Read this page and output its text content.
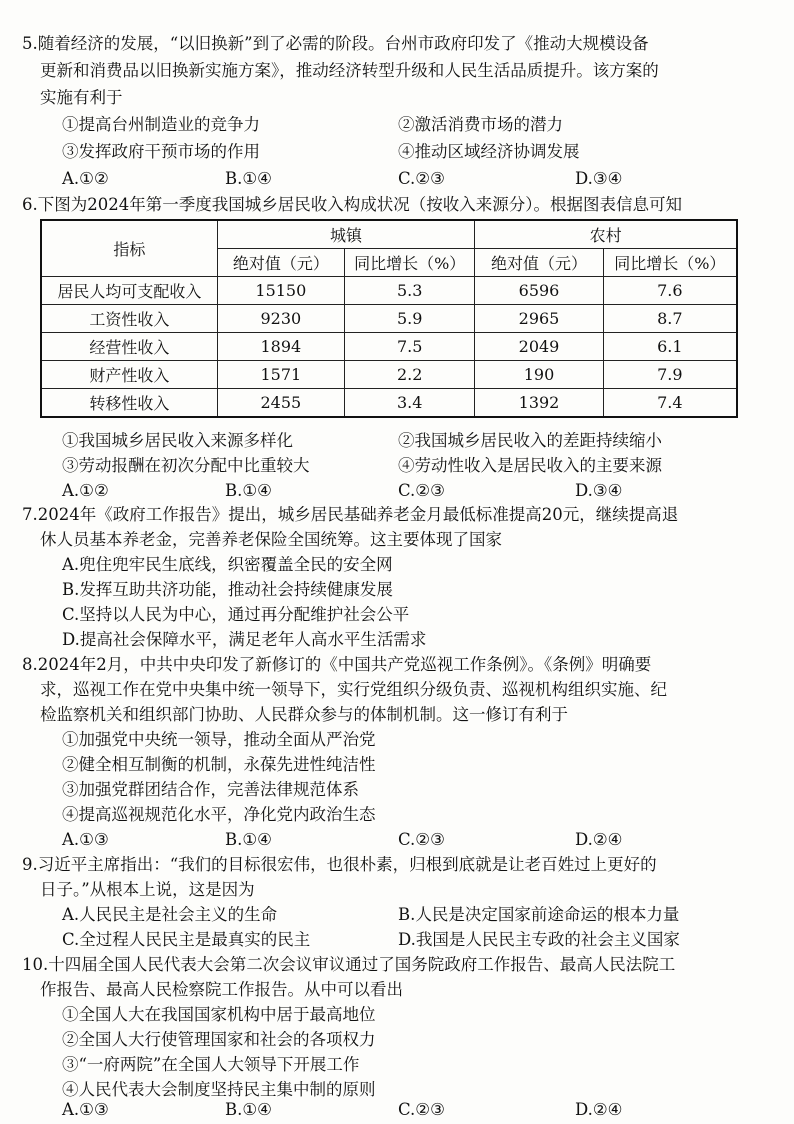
5.随着经济的发展，“以旧换新”到了必需的阶段。台州市政府印发了《推动大规模设备
更新和消费品以旧换新实施方案》，推动经济转型升级和人民生活品质提升。该方案的
实施有利于
①提高台州制造业的竞争力	②激活消费市场的潜力
③发挥政府干预市场的作用	④推动区域经济协调发展
A.①②	B.①④	C.②③	D.③④
6.下图为2024年第一季度我国城乡居民收入构成状况（按收入来源分）。根据图表信息可知
指标	城镇		农村	
	绝对值（元）	同比增长（%）	绝对值（元）	同比增长（%）
居民人均可支配收入	15150	5.3	6596	7.6
工资性收入	9230	5.9	2965	8.7
经营性收入	1894	7.5	2049	6.1
财产性收入	1571	2.2	190	7.9
转移性收入	2455	3.4	1392	7.4
①我国城乡居民收入来源多样化	②我国城乡居民收入的差距持续缩小
③劳动报酬在初次分配中比重较大	④劳动性收入是居民收入的主要来源
A.①②	B.①④	C.②③	D.③④
7.2024年《政府工作报告》提出，城乡居民基础养老金月最低标准提高20元，继续提高退
休人员基本养老金，完善养老保险全国统筹。这主要体现了国家
A.兜住兜牢民生底线，织密覆盖全民的安全网
B.发挥互助共济功能，推动社会持续健康发展
C.坚持以人民为中心，通过再分配维护社会公平
D.提高社会保障水平，满足老年人高水平生活需求
8.2024年2月，中共中央印发了新修订的《中国共产党巡视工作条例》。《条例》明确要
求，巡视工作在党中央集中统一领导下，实行党组织分级负责、巡视机构组织实施、纪
检监察机关和组织部门协助、人民群众参与的体制机制。这一修订有利于
①加强党中央统一领导，推动全面从严治党
②健全相互制衡的机制，永葆先进性纯洁性
③加强党群团结合作，完善法律规范体系
④提高巡视规范化水平，净化党内政治生态
A.①③	B.①④	C.②③	D.②④
9.习近平主席指出：“我们的目标很宏伟，也很朴素，归根到底就是让老百姓过上更好的
日子。”从根本上说，这是因为
A.人民民主是社会主义的生命	B.人民是决定国家前途命运的根本力量
C.全过程人民民主是最真实的民主	D.我国是人民民主专政的社会主义国家
10.十四届全国人民代表大会第二次会议审议通过了国务院政府工作报告、最高人民法院工
作报告、最高人民检察院工作报告。从中可以看出
①全国人大在我国国家机构中居于最高地位
②全国人大行使管理国家和社会的各项权力
③“一府两院”在全国人大领导下开展工作
④人民代表大会制度坚持民主集中制的原则
A.①③	B.①④	C.②③	D.②④
